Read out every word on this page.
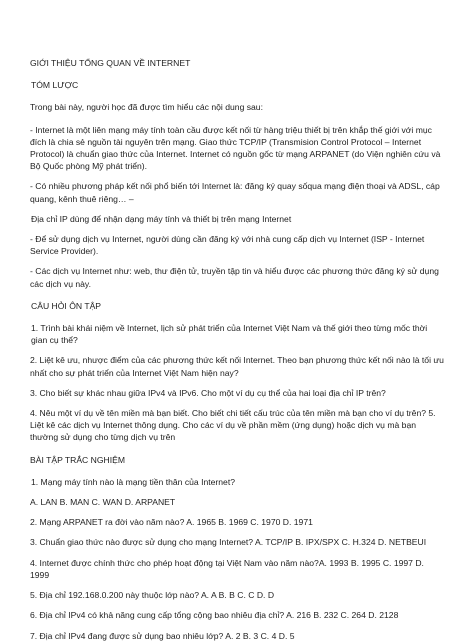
GIỚI THIỆU TỔNG QUAN VỀ INTERNET

TÓM LƯỢC

Trong bài này, người học đã được tìm hiểu các nội dung sau:

- Internet là một liên mạng máy tính toàn cầu được kết nối từ hàng triệu thiết bị trên khắp thế giới với mục đích là chia sẻ nguồn tài nguyên trên mạng. Giao thức TCP/IP (Transmision Control Protocol – Internet Protocol) là chuẩn giao thức của Internet. Internet có nguồn gốc từ mạng ARPANET (do Viện nghiên cứu và Bộ Quốc phòng Mỹ phát triển).

- Có nhiều phương pháp kết nối phổ biến tới Internet là: đăng ký quay sốqua mạng điện thoại và ADSL, cáp quang, kênh thuê riêng… –

Địa chỉ IP dùng để nhận dạng máy tính và thiết bị trên mạng Internet

- Để sử dụng dịch vụ Internet, người dùng cần đăng ký với nhà cung cấp dịch vụ Internet (ISP - Internet Service Provider).

- Các dịch vụ Internet như: web, thư điện tử, truyền tập tin và hiểu được các phương thức đăng ký sử dụng các dịch vụ này.

CÂU HỎI ÔN TẬP

1. Trình bài khái niệm về Internet, lịch sử phát triển của Internet Việt Nam và thế giới theo từng mốc thời gian cụ thể?

2. Liệt kê ưu, nhược điểm của các phương thức kết nối Internet. Theo bạn phương thức kết nối nào là tối ưu nhất cho sự phát triển của Internet Việt Nam hiện nay?

3. Cho biết sự khác nhau giữa IPv4 và IPv6. Cho một ví dụ cụ thể của hai loại địa chỉ IP trên?

4. Nêu một ví dụ về tên miền mà bạn biết. Cho biết chi tiết cấu trúc của tên miền mà bạn cho ví dụ trên? 5. Liệt kê các dịch vụ Internet thông dụng. Cho các ví dụ về phần mềm (ứng dụng) hoặc dịch vụ mà bạn thường sử dụng cho từng dịch vụ trên

BÀI TẬP TRẮC NGHIỆM

1. Mạng máy tính nào là mạng tiền thân của Internet?

A. LAN B. MAN C. WAN D. ARPANET

2. Mạng ARPANET ra đời vào năm nào? A. 1965 B. 1969 C. 1970 D. 1971

3. Chuẩn giao thức nào được sử dụng cho mạng Internet? A. TCP/IP B. IPX/SPX C. H.324 D. NETBEUI

4. Internet được chính thức cho phép hoạt động tại Việt Nam vào năm nào?A. 1993 B. 1995 C. 1997 D. 1999

5. Địa chỉ 192.168.0.200 này thuộc lớp nào? A. A B. B C. C D. D

6. Địa chỉ IPv4 có khả năng cung cấp tổng cộng bao nhiêu địa chỉ? A. 216 B. 232 C. 264 D. 2128

7. Địa chỉ IPv4 đang được sử dụng bao nhiêu lớp? A. 2 B. 3 C. 4 D. 5
